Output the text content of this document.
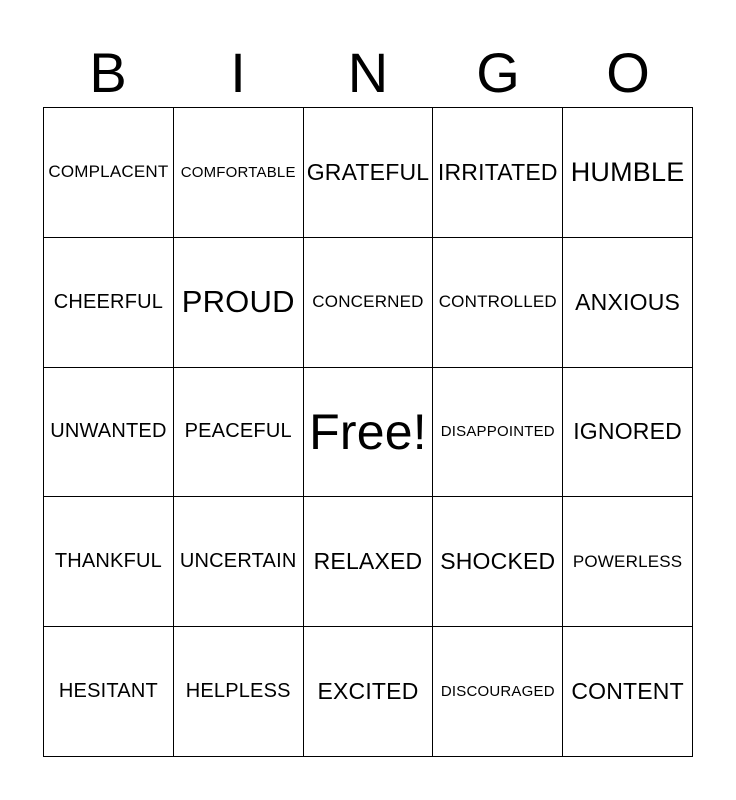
B	I	N	G	O
COMPLACENT COMFORTABLE GRATEFUL IRRITATED HUMBLE
CHEERFUL PROUD	CONCERNED CONTROLLED ANXIOUS
UNWANTED PEACEFUL Free! DISAPPOINTED IGNORED
THANKFUL UNCERTAIN RELAXED SHOCKED	POWERLESS
HESITANT	HELPLESS	EXCITED	DISCOURAGED CONTENT
